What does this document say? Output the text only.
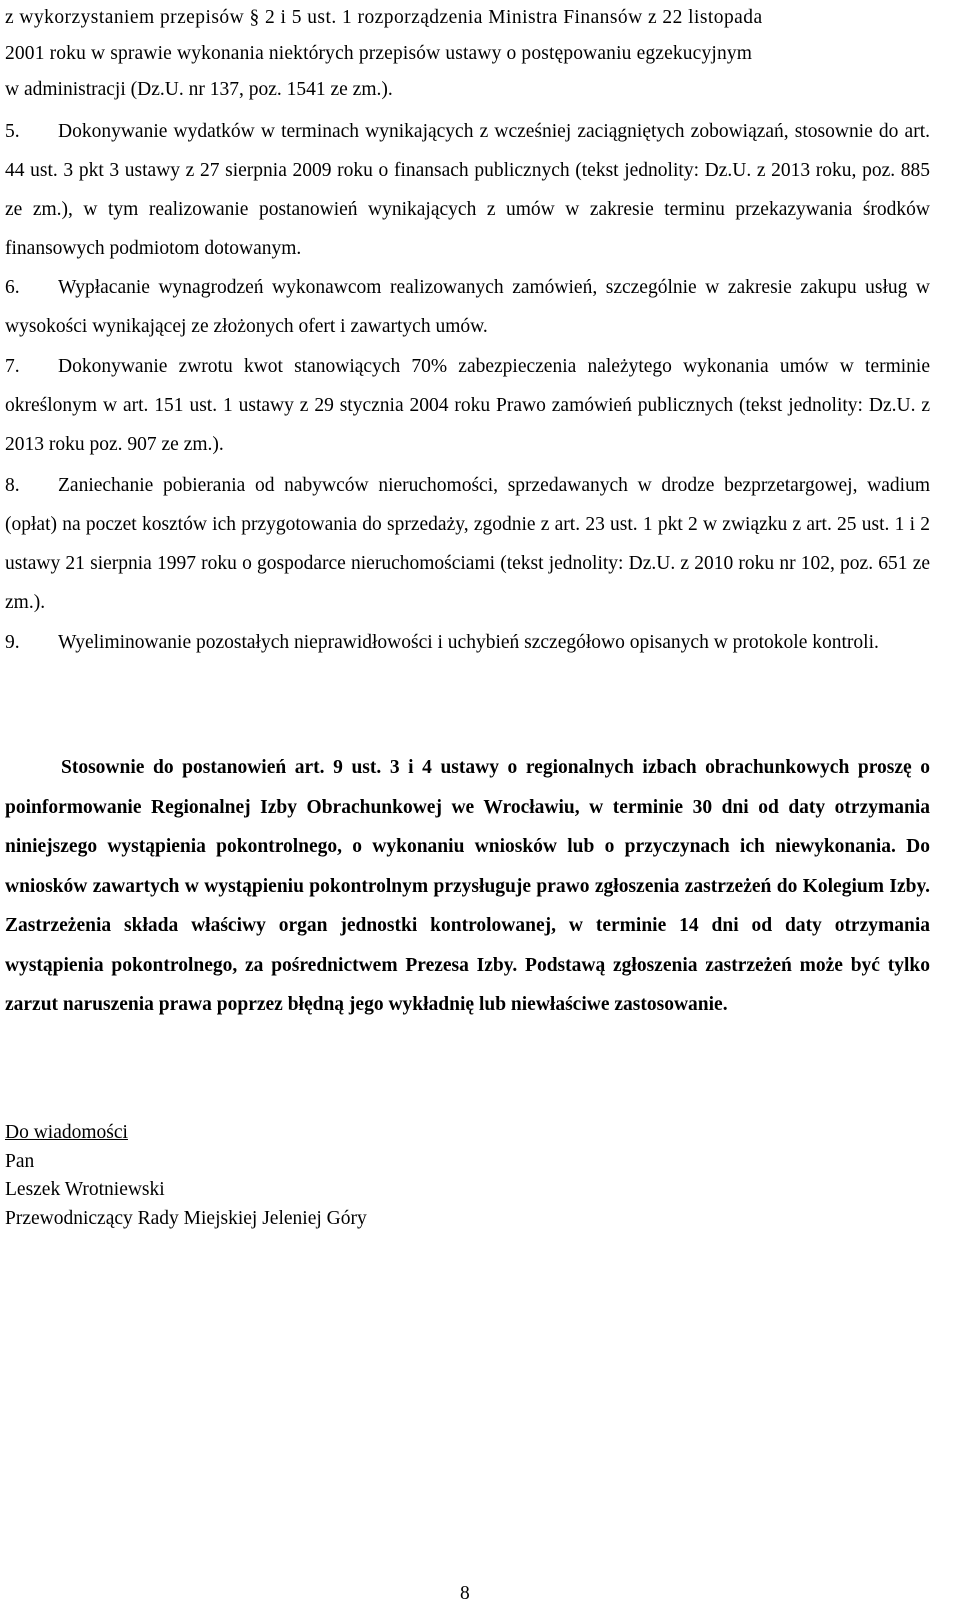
z wykorzystaniem przepisów § 2 i 5 ust. 1 rozporządzenia Ministra Finansów z 22 listopada
2001 roku w sprawie wykonania niektórych przepisów ustawy o postępowaniu egzekucyjnym
w administracji (Dz.U. nr 137, poz. 1541 ze zm.).
5.	Dokonywanie wydatków w terminach wynikających z wcześniej zaciągniętych zobowiązań, stosownie do art. 44 ust. 3 pkt 3 ustawy z 27 sierpnia 2009 roku o finansach publicznych (tekst jednolity: Dz.U. z 2013 roku, poz. 885 ze zm.), w tym realizowanie postanowień wynikających z umów w zakresie terminu przekazywania środków finansowych podmiotom dotowanym.
6.	Wypłacanie wynagrodzeń wykonawcom realizowanych zamówień, szczególnie w zakresie zakupu usług w wysokości wynikającej ze złożonych ofert i zawartych umów.
7.	Dokonywanie zwrotu kwot stanowiących 70% zabezpieczenia należytego wykonania umów w terminie określonym w art. 151 ust. 1 ustawy z 29 stycznia 2004 roku Prawo zamówień publicznych (tekst jednolity: Dz.U. z 2013 roku poz. 907 ze zm.).
8.	Zaniechanie pobierania od nabywców nieruchomości, sprzedawanych w drodze bezprzetargowej, wadium (opłat) na poczet kosztów ich przygotowania do sprzedaży, zgodnie z art. 23 ust. 1 pkt 2 w związku z art. 25 ust. 1 i 2 ustawy 21 sierpnia 1997 roku o gospodarce nieruchomościami (tekst jednolity: Dz.U. z 2010 roku nr 102, poz. 651 ze zm.).
9.	Wyeliminowanie pozostałych nieprawidłowości i uchybień szczegółowo opisanych w protokole kontroli.
Stosownie do postanowień art. 9 ust. 3 i 4 ustawy o regionalnych izbach obrachunkowych proszę o poinformowanie Regionalnej Izby Obrachunkowej we Wrocławiu, w terminie 30 dni od daty otrzymania niniejszego wystąpienia pokontrolnego, o wykonaniu wniosków lub o przyczynach ich niewykonania. Do wniosków zawartych w wystąpieniu pokontrolnym przysługuje prawo zgłoszenia zastrzeżeń do Kolegium Izby. Zastrzeżenia składa właściwy organ jednostki kontrolowanej, w terminie 14 dni od daty otrzymania wystąpienia pokontrolnego, za pośrednictwem Prezesa Izby. Podstawą zgłoszenia zastrzeżeń może być tylko zarzut naruszenia prawa poprzez błędną jego wykładnię lub niewłaściwe zastosowanie.
Do wiadomości
Pan
Leszek Wrotniewski
Przewodniczący Rady Miejskiej Jeleniej Góry
8
